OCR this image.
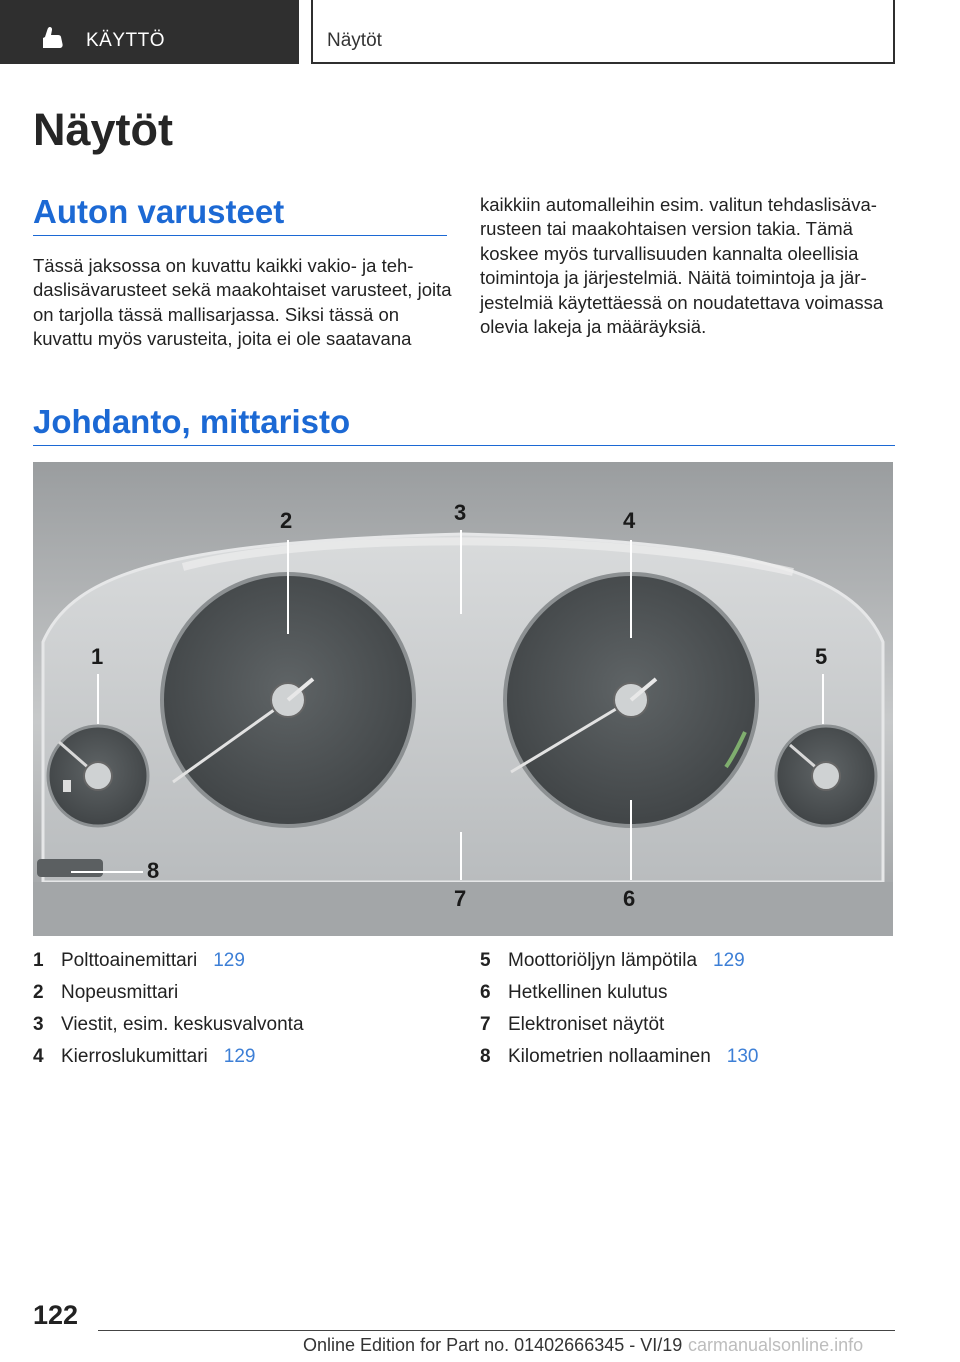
KÄYTTÖ	Näytöt
Näytöt
Auton varusteet

Tässä jaksossa on kuvattu kaikki vakio- ja tehdaslisävarusteet sekä maakohtaiset varusteet, joita on tarjolla tässä mallisarjassa. Siksi tässä on kuvattu myös varusteita, joita ei ole saatavana

kaikkiin automalleihin esim. valitun tehdaslisävarusteen tai maakohtaisen version takia. Tämä koskee myös turvallisuuden kannalta oleellisia toimintoja ja järjestelmiä. Näitä toimintoja ja järjestelmiä käytettäessä on noudatettava voimassa olevia lakeja ja määräyksiä.

Johdanto, mittaristo
1
2	3	4
5
6
7
8
1 Polttoainemittari 129
2 Nopeusmittari
3 Viestit, esim. keskusvalvonta
4 Kierroslukumittari 129
5 Moottoriöljyn lämpötila 129
6 Hetkellinen kulutus
7 Elektroniset näytöt
8 Kilometrien nollaaminen 130
122
Online Edition for Part no. 01402666345 - VI/19 carmanualsonline.info
